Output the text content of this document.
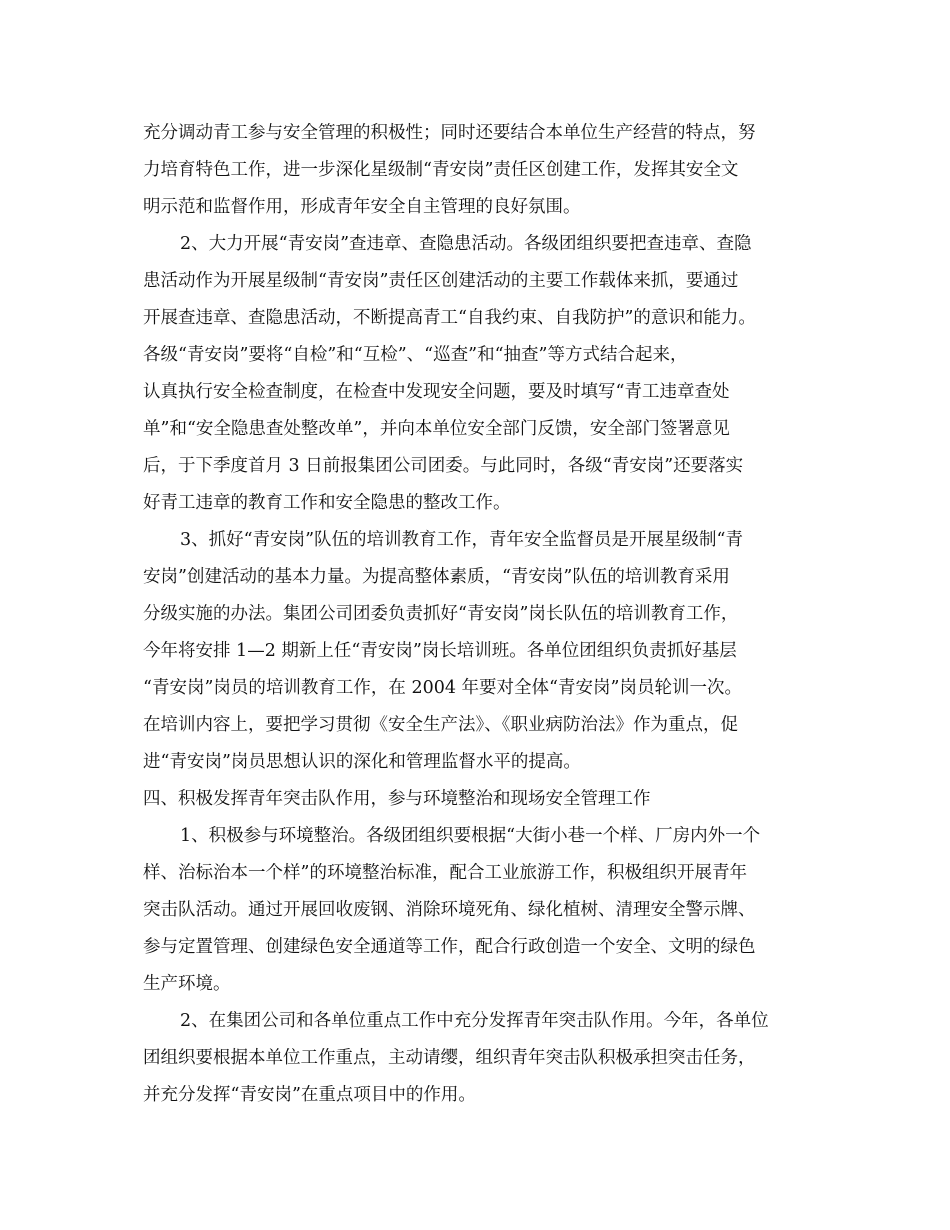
充分调动青工参与安全管理的积极性；同时还要结合本单位生产经营的特点，努
力培育特色工作，进一步深化星级制“青安岗”责任区创建工作，发挥其安全文
明示范和监督作用，形成青年安全自主管理的良好氛围。
2、大力开展“青安岗”查违章、查隐患活动。各级团组织要把查违章、查隐
患活动作为开展星级制“青安岗”责任区创建活动的主要工作载体来抓，要通过
开展查违章、查隐患活动，不断提高青工“自我约束、自我防护”的意识和能力。
各级“青安岗”要将“自检”和“互检”、“巡查”和“抽查”等方式结合起来，
认真执行安全检查制度，在检查中发现安全问题，要及时填写“青工违章查处
单”和“安全隐患查处整改单”，并向本单位安全部门反馈，安全部门签署意见
后，于下季度首月 3 日前报集团公司团委。与此同时，各级“青安岗”还要落实
好青工违章的教育工作和安全隐患的整改工作。
3、抓好“青安岗”队伍的培训教育工作，青年安全监督员是开展星级制“青
安岗”创建活动的基本力量。为提高整体素质，“青安岗”队伍的培训教育采用
分级实施的办法。集团公司团委负责抓好“青安岗”岗长队伍的培训教育工作，
今年将安排 1—2 期新上任“青安岗”岗长培训班。各单位团组织负责抓好基层
“青安岗”岗员的培训教育工作，在 2004 年要对全体“青安岗”岗员轮训一次。
在培训内容上，要把学习贯彻《安全生产法》、《职业病防治法》作为重点，促
进“青安岗”岗员思想认识的深化和管理监督水平的提高。
四、积极发挥青年突击队作用，参与环境整治和现场安全管理工作
1、积极参与环境整治。各级团组织要根据“大街小巷一个样、厂房内外一个
样、治标治本一个样”的环境整治标准，配合工业旅游工作，积极组织开展青年
突击队活动。通过开展回收废钢、消除环境死角、绿化植树、清理安全警示牌、
参与定置管理、创建绿色安全通道等工作，配合行政创造一个安全、文明的绿色
生产环境。
2、在集团公司和各单位重点工作中充分发挥青年突击队作用。今年，各单位
团组织要根据本单位工作重点，主动请缨，组织青年突击队积极承担突击任务，
并充分发挥“青安岗”在重点项目中的作用。
